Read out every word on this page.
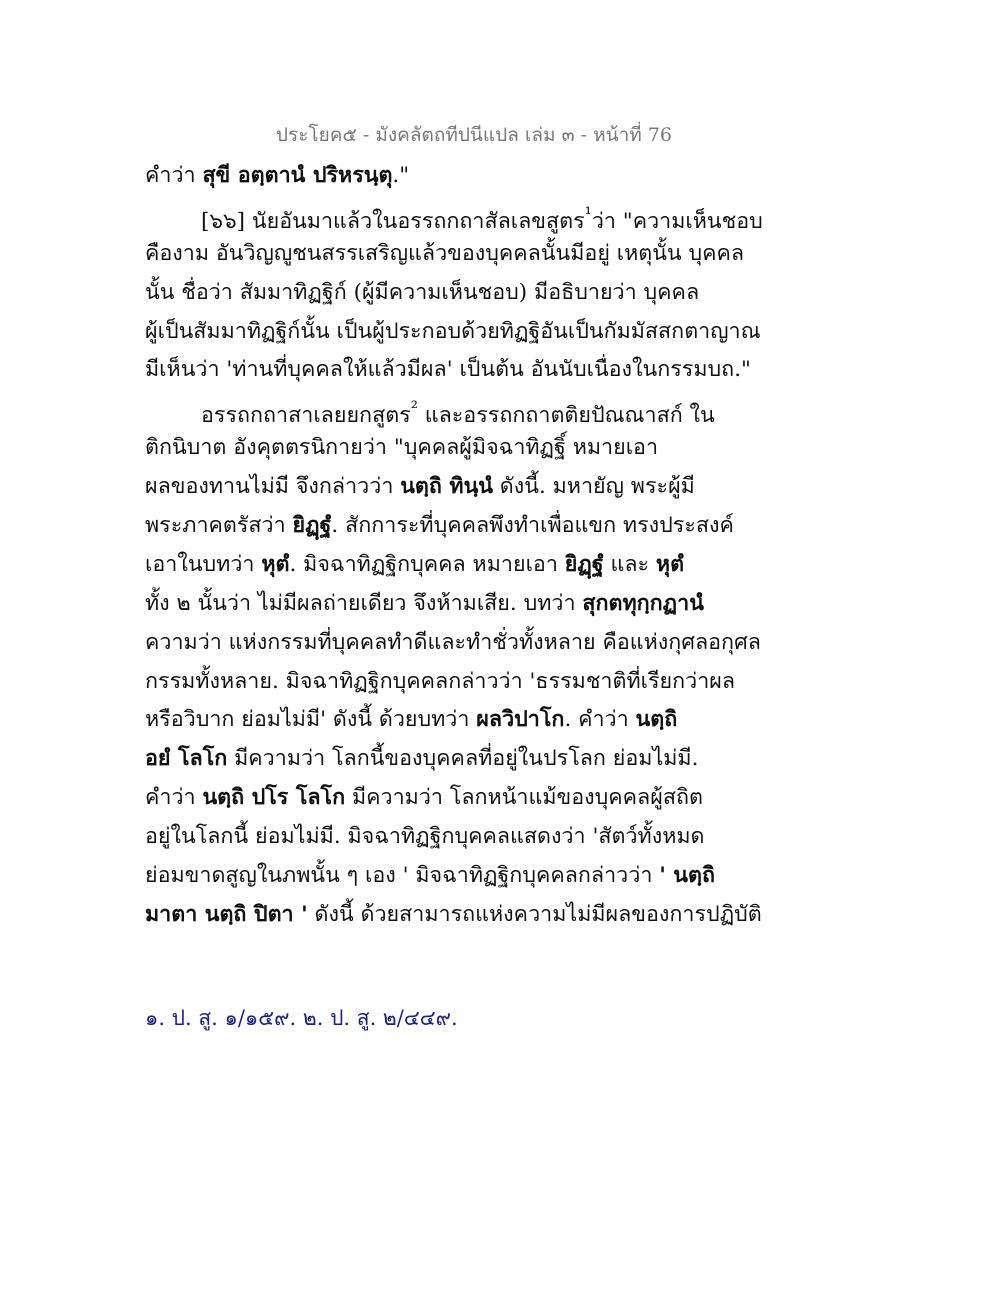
ประโยค๕ - มังคลัตถทีปนีแปล เล่ม ๓ - หน้าที่ 76
คำว่า สุขี อตฺตานํ ปริหรนฺตุ."
[๖๖] นัยอันมาแล้วในอรรถกถาสัลเลขสูตร$^{^1}$ว่า "ความเห็นชอบ
คืองาม อันวิญญูชนสรรเสริญแล้วของบุคคลนั้นมีอยู่ เหตุนั้น บุคคล
นั้น ชื่อว่า สัมมาทิฏฐิก์ (ผู้มีความเห็นชอบ) มีอธิบายว่า บุคคล
ผู้เป็นสัมมาทิฏฐิก์นั้น เป็นผู้ประกอบด้วยทิฏฐิอันเป็นกัมมัสสกตาญาณ
มีเห็นว่า 'ท่านที่บุคคลให้แล้วมีผล' เป็นต้น อันนับเนื่องในกรรมบถ."
อรรถกถาสาเลยยกสูตร$^{^2}$ และอรรถกถาตติยปัณณาสก์ ใน
ติกนิบาต อังคุตตรนิกายว่า "บุคคลผู้มิจฉาทิฏฐิ์ หมายเอา
ผลของทานไม่มี จึงกล่าวว่า นตฺถิ ทินฺนํ ดังนี้. มหายัญ พระผู้มี
พระภาคตรัสว่า ยิฏฺฐํ. สักการะที่บุคคลพึงทำเพื่อแขก ทรงประสงค์
เอาในบทว่า หุตํ. มิจฉาทิฏฐิกบุคคล หมายเอา ยิฏฺฐํ และ หุตํ
ทั้ง ๒ นั้นว่า ไม่มีผลถ่ายเดียว จึงห้ามเสีย. บทว่า สุกตทุกฺกฏานํ
ความว่า แห่งกรรมที่บุคคลทำดีและทำชั่วทั้งหลาย คือแห่งกุศลอกุศล
กรรมทั้งหลาย. มิจฉาทิฏฐิกบุคคลกล่าวว่า 'ธรรมชาติที่เรียกว่าผล
หรือวิบาก ย่อมไม่มี' ดังนี้ ด้วยบทว่า ผลวิปาโก. คำว่า นตฺถิ
อยํ โลโก มีความว่า โลกนี้ของบุคคลที่อยู่ในปรโลก ย่อมไม่มี.
คำว่า นตฺถิ ปโร โลโก มีความว่า โลกหน้าแม้ของบุคคลผู้สถิต
อยู่ในโลกนี้ ย่อมไม่มี. มิจฉาทิฏฐิกบุคคลแสดงว่า 'สัตว์ทั้งหมด
ย่อมขาดสูญในภพนั้น ๆ เอง ' มิจฉาทิฏฐิกบุคคลกล่าวว่า ' นตฺถิ
มาตา นตฺถิ ปิตา ' ดังนี้ ด้วยสามารถแห่งความไม่มีผลของการปฏิบัติ
๑. ป. สู. ๑/๑๕๙. ๒. ป. สู. ๒/๔๔๙.
